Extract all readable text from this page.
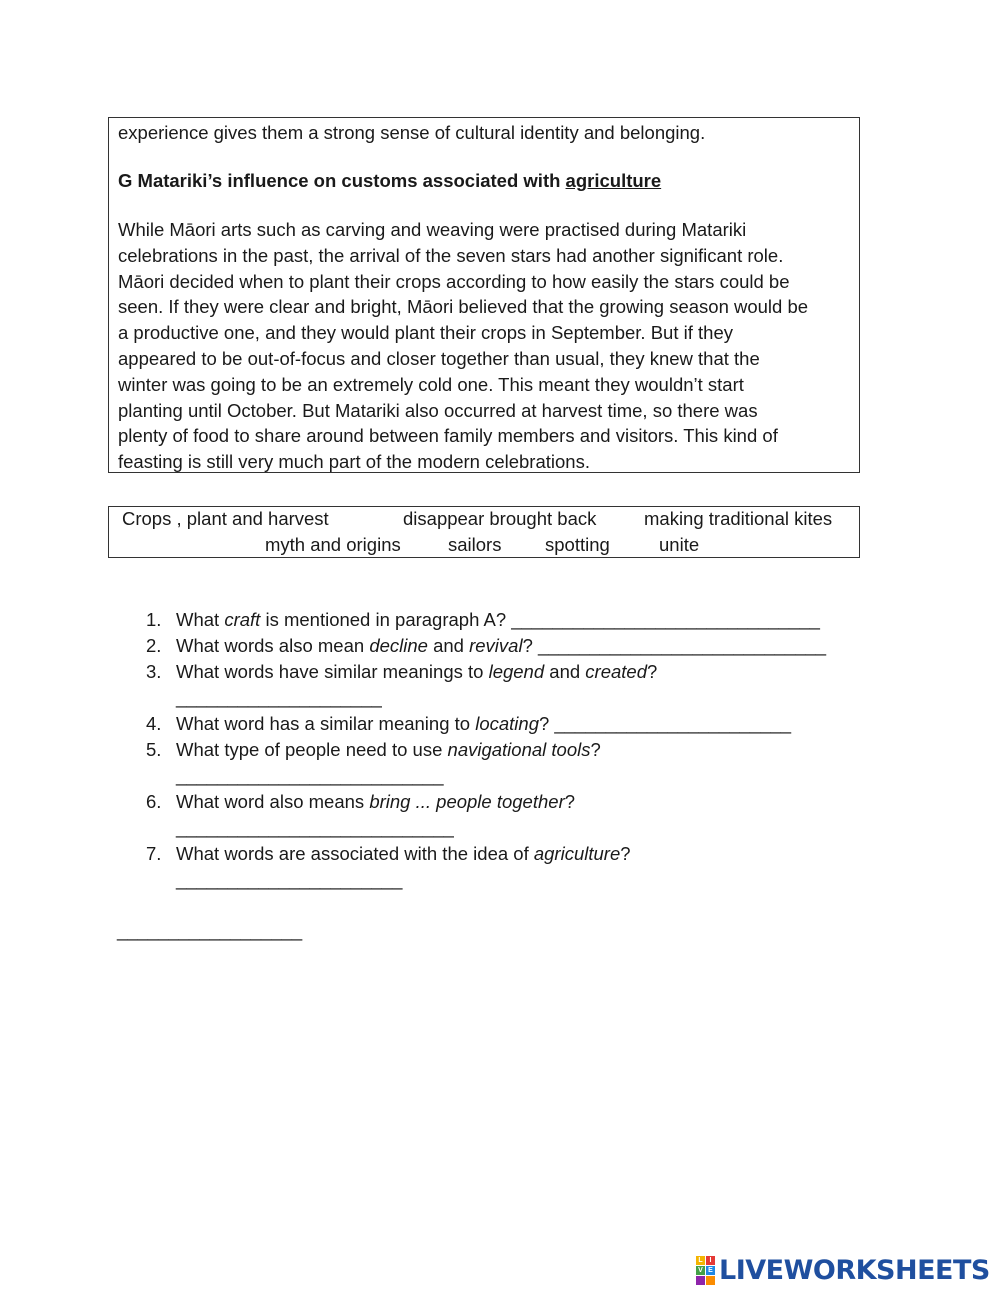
experience gives them a strong sense of cultural identity and belonging.

G Matariki’s influence on customs associated with agriculture

While Māori arts such as carving and weaving were practised during Matariki
celebrations in the past, the arrival of the seven stars had another significant role.
Māori decided when to plant their crops according to how easily the stars could be
seen. If they were clear and bright, Māori believed that the growing season would be
a productive one, and they would plant their crops in September. But if they
appeared to be out-of-focus and closer together than usual, they knew that the
winter was going to be an extremely cold one. This meant they wouldn’t start
planting until October. But Matariki also occurred at harvest time, so there was
plenty of food to share around between family members and visitors. This kind of
feasting is still very much part of the modern celebrations.
Crops , plant and harvest	disappear brought back	making traditional kites
myth and origins	sailors spotting	unite
1. What craft is mentioned in paragraph A? ______________________________
2. What words also mean decline and revival? ____________________________
3. What words have similar meanings to legend and created?
____________________
4. What word has a similar meaning to locating? _______________________
5. What type of people need to use navigational tools?
__________________________
6. What word also means bring ... people together?
___________________________
7. What words are associated with the idea of agriculture?
______________________
__________________
L I
V E LIVEWORKSHEETS
